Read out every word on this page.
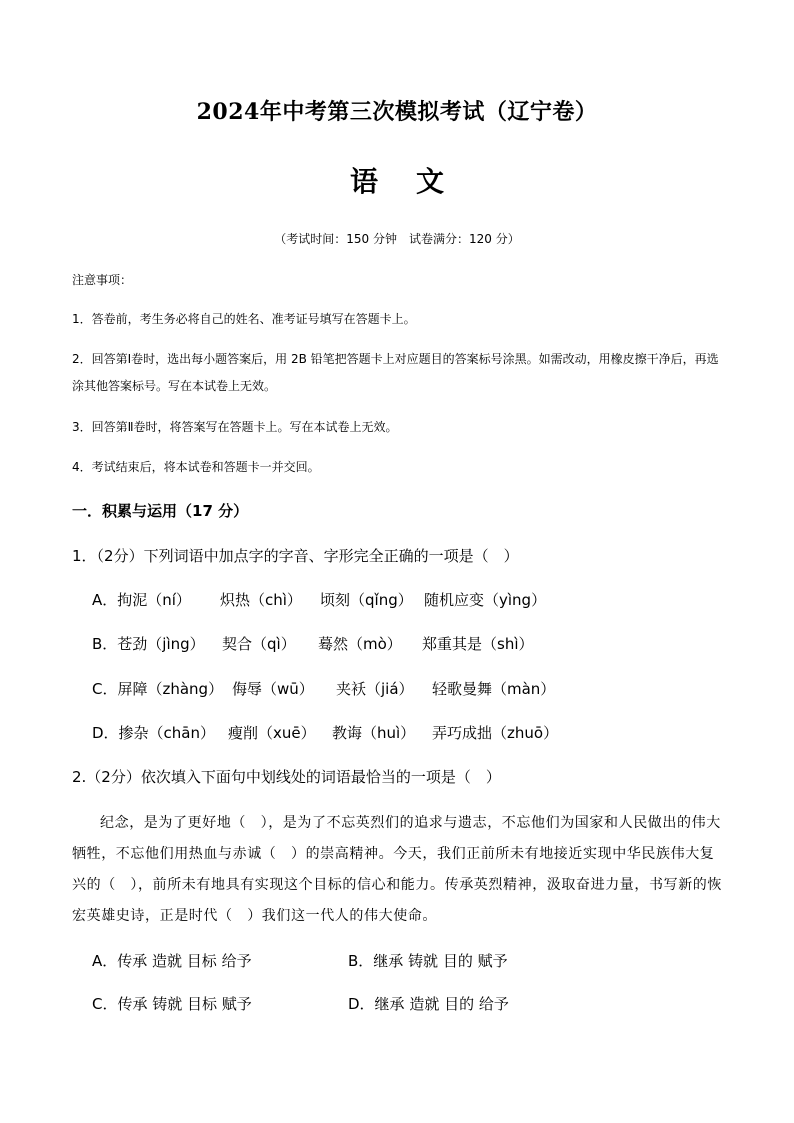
2024年中考第三次模拟考试（辽宁卷）
语 文
（考试时间：150 分钟　试卷满分：120 分）
注意事项：
1．答卷前，考生务必将自己的姓名、准考证号填写在答题卡上。
2．回答第Ⅰ卷时，选出每小题答案后，用 2B 铅笔把答题卡上对应题目的答案标号涂黑。如需改动，用橡皮擦干净后，再选涂其他答案标号。写在本试卷上无效。
3．回答第Ⅱ卷时，将答案写在答题卡上。写在本试卷上无效。
4．考试结束后，将本试卷和答题卡一并交回。
一．积累与运用（17 分）
1．（2分）下列词语中加点字的字音、字形完全正确的一项是（　）
A．拘泥（ní） 炽热（chì） 顷刻（qǐng） 随机应变（yìng）
B．苍劲（jìng） 契合（qì） 蓦然（mò） 郑重其是（shì）
C．屏障（zhàng） 侮辱（wū） 夹袄（jiá） 轻歌曼舞（màn）
D．掺杂（chān） 瘦削（xuē） 教诲（huì） 弄巧成拙（zhuō）
2.（2分）依次填入下面句中划线处的词语最恰当的一项是（　）
纪念，是为了更好地（　），是为了不忘英烈们的追求与遗志，不忘他们为国家和人民做出的伟大牺牲，不忘他们用热血与赤诚（　）的崇高精神。今天，我们正前所未有地接近实现中华民族伟大复兴的（　），前所未有地具有实现这个目标的信心和能力。传承英烈精神，汲取奋进力量，书写新的恢宏英雄史诗，正是时代（　）我们这一代人的伟大使命。
A．传承 造就 目标 给予	B．继承 铸就 目的 赋予
C．传承 铸就 目标 赋予	D．继承 造就 目的 给予
